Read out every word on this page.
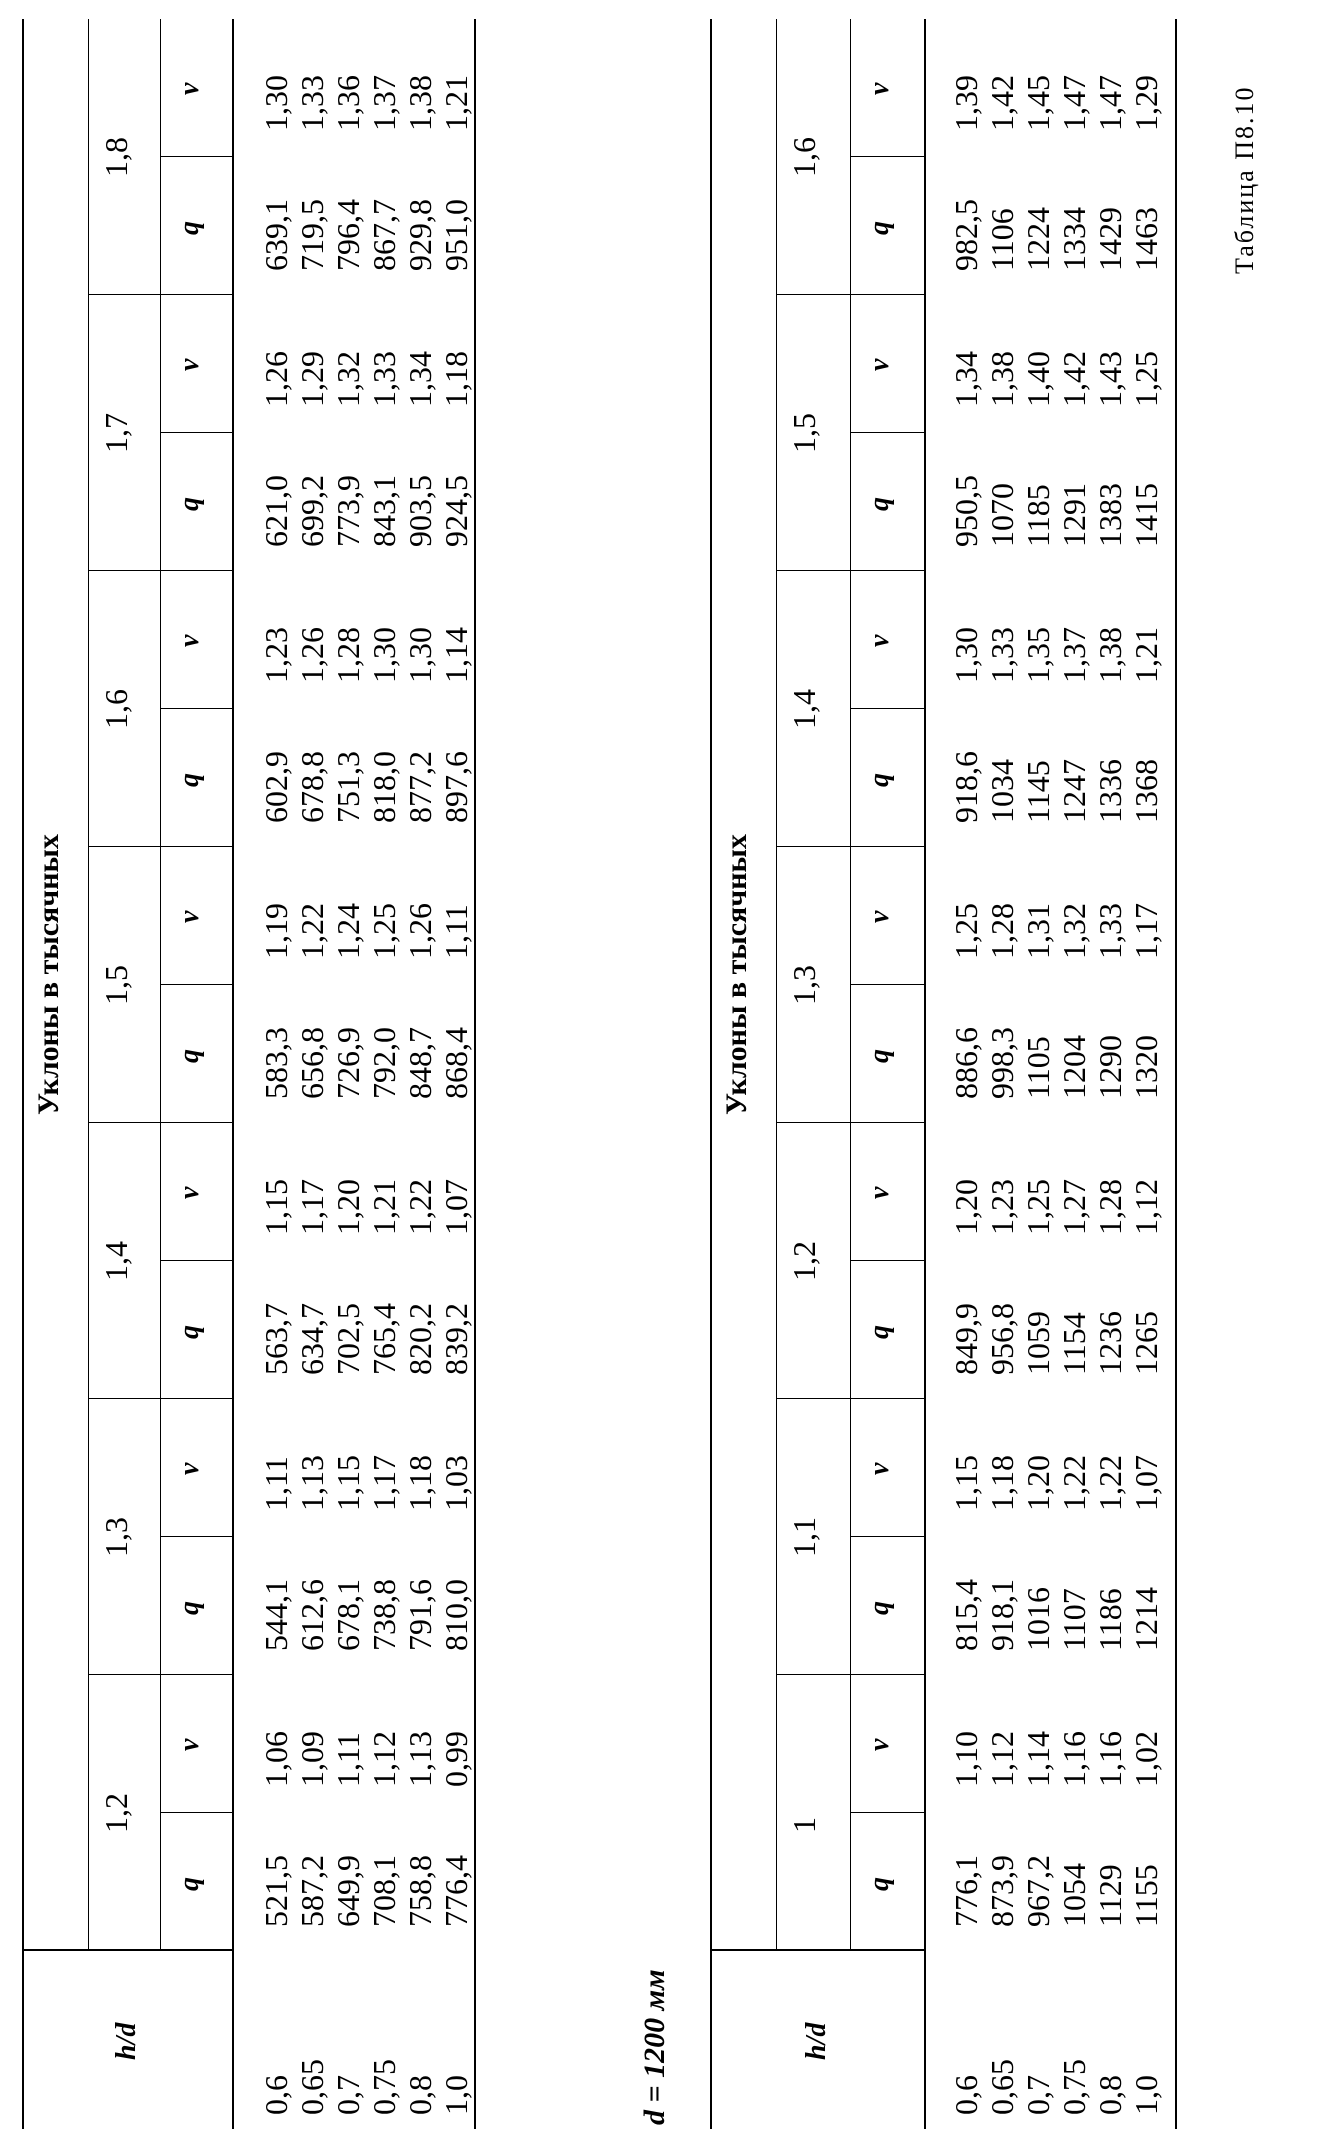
Уклоны в тысячных
h/d
1,2
q
v
1,3
q
v
1,4
q
v
1,5
q
v
1,6
q
v
1,7
q
v
1,8
q
v
0,6 0,65 0,7 0,75 0,8 1,0
521,5 587,2 649,9 708,1 758,8 776,4
1,06 1,09 1,11 1,12 1,13 0,99
544,1 612,6 678,1 738,8 791,6 810,0
1,11 1,13 1,15 1,17 1,18 1,03
563,7 634,7 702,5 765,4 820,2 839,2
1,15 1,17 1,20 1,21 1,22 1,07
583,3 656,8 726,9 792,0 848,7 868,4
1,19 1,22 1,24 1,25 1,26 1,11
602,9 678,8 751,3 818,0 877,2 897,6
1,23 1,26 1,28 1,30 1,30 1,14
621,0 699,2 773,9 843,1 903,5 924,5
1,26 1,29 1,32 1,33 1,34 1,18
639,1 719,5 796,4 867,7 929,8 951,0
1,30 1,33 1,36 1,37 1,38 1,21	Таблица П8.10
d = 1200 мм
Уклоны в тысячных
h/d
1
q
v
1,1
q
v
1,2
q
v
1,3
q
v
1,4
q
v
1,5
q
v
1,6
q
v
0,6 0,65 0,7 0,75 0,8 1,0
776,1 873,9 967,2 1054 1129 1155
1,10 1,12 1,14 1,16 1,16 1,02
815,4 918,1 1016 1107 1186 1214
1,15 1,18 1,20 1,22 1,22 1,07
849,9 956,8 1059 1154 1236 1265
1,20 1,23 1,25 1,27 1,28 1,12
886,6 998,3 1105 1204 1290 1320
1,25 1,28 1,31 1,32 1,33 1,17
918,6 1034 1145 1247 1336 1368
1,30 1,33 1,35 1,37 1,38 1,21
950,5 1070 1185 1291 1383 1415
1,34 1,38 1,40 1,42 1,43 1,25
982,5 1106 1224 1334 1429 1463
1,39 1,42 1,45 1,47 1,47 1,29
